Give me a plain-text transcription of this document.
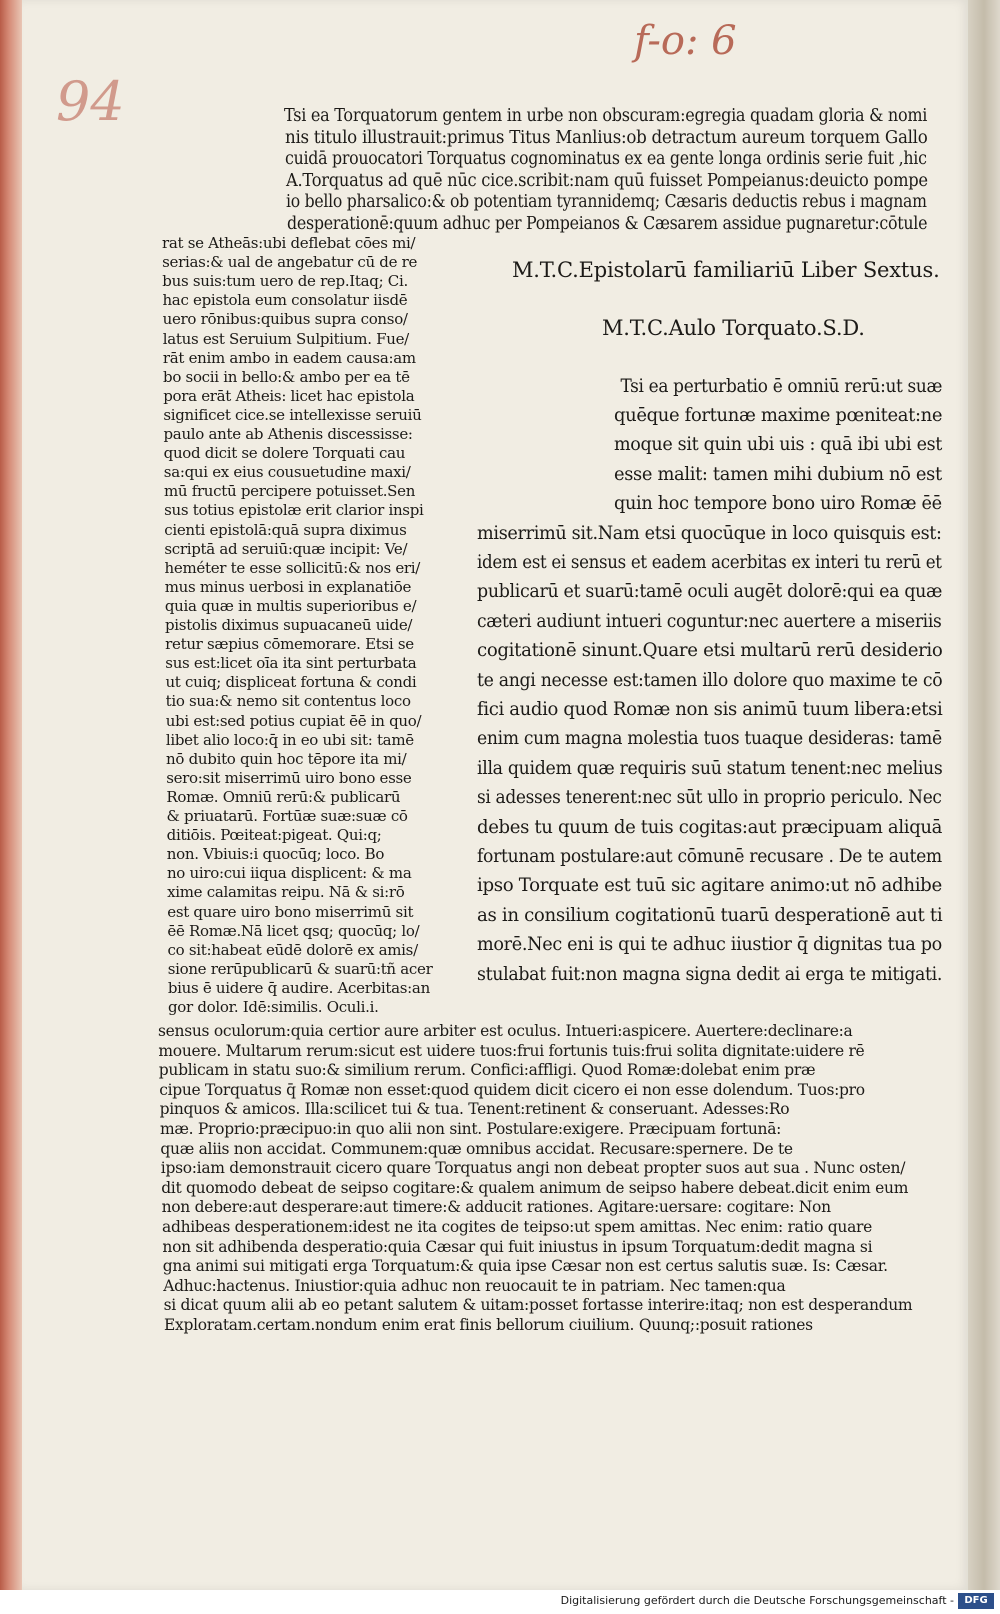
f-o: 6
94	Tsi ea Torquatorum gentem in urbe non obscuram:egregia quadam gloria & nomi
nis titulo illustrauit:primus Titus Manlius:ob detractum aureum torquem Gallo
cuidā prouocatori Torquatus cognominatus ex ea gente longa ordinis serie fuit ,hic
A.Torquatus ad quē nūc cice.scribit:nam quū fuisset Pompeianus:deuicto pompe
io bello pharsalico:& ob potentiam tyrannidemq; Cæsaris deductis rebus i magnam
desperationē:quum adhuc per Pompeianos & Cæsarem assidue pugnaretur:cōtule
M.T.C.Epistolarū familiariū Liber Sextus.
M.T.C.Aulo Torquato.S.D.
E Tsi ea perturbatio ē omniū rerū:ut suæ
rat se Atheās:ubi deflebat cōes mi/
serias:& ual de angebatur cū de re
bus suis:tum uero de rep.Itaq; Ci.
hac epistola eum consolatur iisdē
uero rōnibus:quibus supra conso/
latus est Seruium Sulpitium. Fue/
rāt enim ambo in eadem causa:am
bo socii in bello:& ambo per ea tē
pora erāt Atheis: licet hac epistola
significet cice.se intellexisse seruiū
paulo ante ab Athenis discessisse:
quod dicit se dolere Torquati cau
sa:qui ex eius cousuetudine maxi/
mū fructū percipere potuisset.Sen
sus totius epistolæ erit clarior inspi
cienti epistolā:quā supra diximus
scriptā ad seruiū:quæ incipit: Ve/
heméter te esse sollicitū:& nos eri/
mus minus uerbosi in explanatiōe
quia quæ in multis superioribus e/
pistolis diximus supuacaneū uide/
retur sæpius cōmemorare. Etsi se
sus est:licet oīa ita sint perturbata
ut cuiq; displiceat fortuna & condi
tio sua:& nemo sit contentus loco
ubi est:sed potius cupiat ēē in quo/
libet alio loco:q̄ in eo ubi sit: tamē
nō dubito quin hoc tēpore ita mi/
sero:sit miserrimū uiro bono esse
Romæ. Omniū rerū:& publicarū
& priuatarū. Fortūæ suæ:suæ cō
ditiōis. Pœiteat:pigeat. Qui:q;
non. Vbiuis:i quocūq; loco. Bo
no uiro:cui iiqua displicent: & ma
xime calamitas reipu. Nā & si:rō
est quare uiro bono miserrimū sit
ēē Romæ.Nā licet qsq; quocūq; lo/
co sit:habeat eūdē dolorē ex amis/
sione rerūpublicarū & suarū:tñ acer
bius ē uidere q̄ audire. Acerbitas:an
gor dolor. Idē:similis. Oculi.i.
quēque fortunæ maxime pœniteat:ne
moque sit quin ubi uis : quā ibi ubi est
esse malit: tamen mihi dubium nō est
quin hoc tempore bono uiro Romæ ēē
miserrimū sit.Nam etsi quocūque in loco quisquis est:
idem est ei sensus et eadem acerbitas ex interi tu rerū et
publicarū et suarū:tamē oculi augēt dolorē:qui ea quæ
cæteri audiunt intueri coguntur:nec auertere a miseriis
cogitationē sinunt.Quare etsi multarū rerū desiderio
te angi necesse est:tamen illo dolore quo maxime te cō
fici audio quod Romæ non sis animū tuum libera:etsi
enim cum magna molestia tuos tuaque desideras: tamē
illa quidem quæ requiris suū statum tenent:nec melius
si adesses tenerent:nec sūt ullo in proprio periculo. Nec
debes tu quum de tuis cogitas:aut præcipuam aliquā
fortunam postulare:aut cōmunē recusare . De te autem
ipso Torquate est tuū sic agitare animo:ut nō adhibe
as in consilium cogitationū tuarū desperationē aut ti
morē.Nec eni is qui te adhuc iiustior q̄ dignitas tua po
stulabat fuit:non magna signa dedit ai erga te mitigati.
sensus oculorum:quia certior aure arbiter est oculus. Intueri:aspicere. Auertere:declinare:a
mouere. Multarum rerum:sicut est uidere tuos:frui fortunis tuis:frui solita dignitate:uidere rē
publicam in statu suo:& similium rerum. Confici:affligi. Quod Romæ:dolebat enim præ
cipue Torquatus q̄ Romæ non esset:quod quidem dicit cicero ei non esse dolendum. Tuos:pro
pinquos & amicos. Illa:scilicet tui & tua. Tenent:retinent & conseruant. Adesses:Ro
mæ. Proprio:præcipuo:in quo alii non sint. Postulare:exigere. Præcipuam fortunā:
quæ aliis non accidat. Communem:quæ omnibus accidat. Recusare:spernere. De te
ipso:iam demonstrauit cicero quare Torquatus angi non debeat propter suos aut sua . Nunc osten/
dit quomodo debeat de seipso cogitare:& qualem animum de seipso habere debeat.dicit enim eum
non debere:aut desperare:aut timere:& adducit rationes. Agitare:uersare: cogitare: Non
adhibeas desperationem:idest ne ita cogites de teipso:ut spem amittas. Nec enim: ratio quare
non sit adhibenda desperatio:quia Cæsar qui fuit iniustus in ipsum Torquatum:dedit magna si
gna animi sui mitigati erga Torquatum:& quia ipse Cæsar non est certus salutis suæ. Is: Cæsar.
Adhuc:hactenus. Iniustior:quia adhuc non reuocauit te in patriam. Nec tamen:qua
si dicat quum alii ab eo petant salutem & uitam:posset fortasse interire:itaq; non est desperandum
Exploratam.certam.nondum enim erat finis bellorum ciuilium. Quunq;:posuit rationes
Digitalisierung gefördert durch die Deutsche Forschungsgemeinschaft -	DFG
